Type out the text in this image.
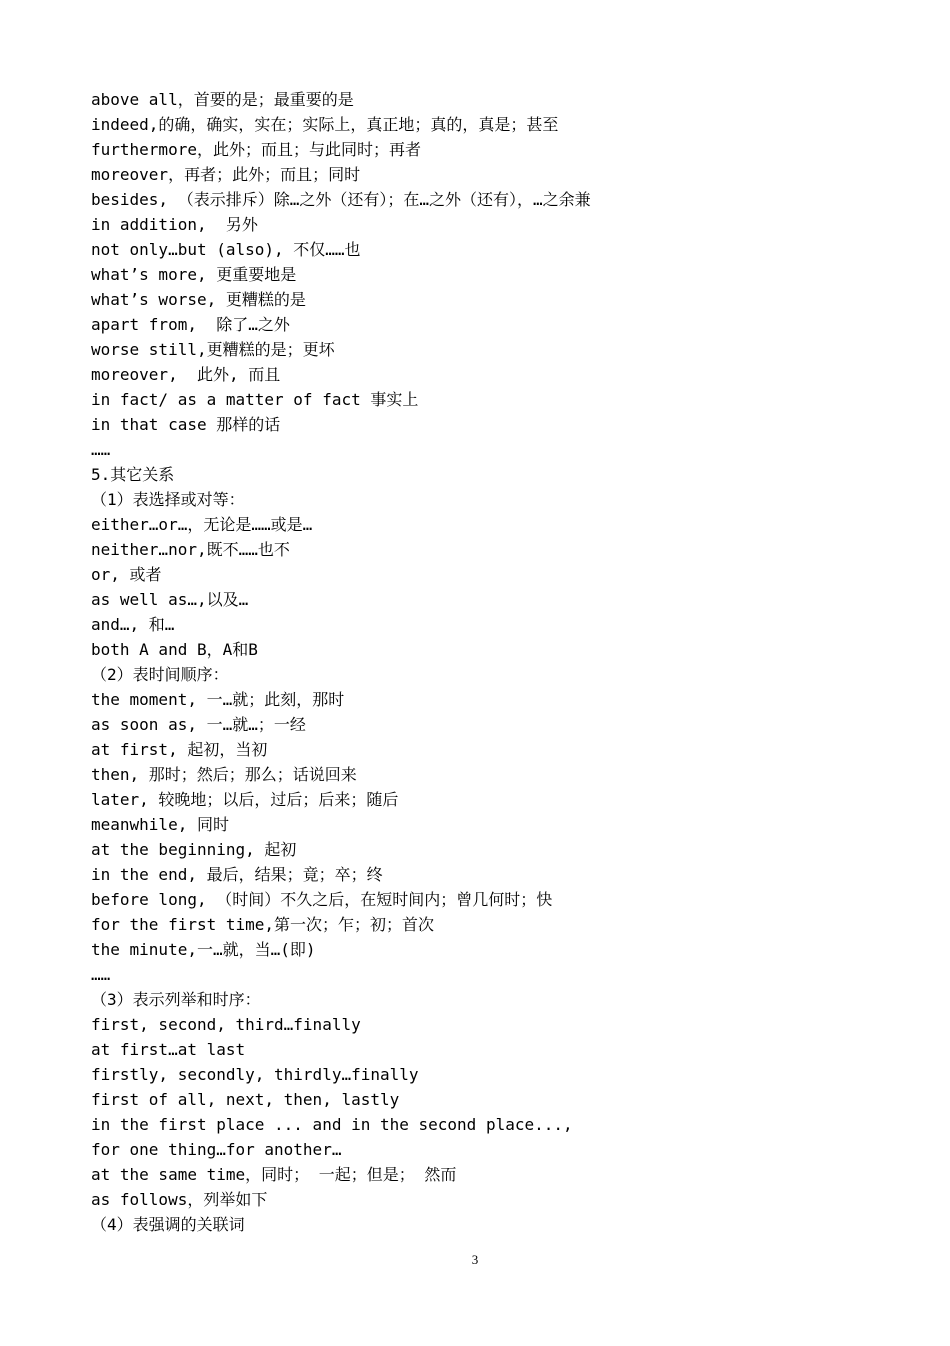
above all，首要的是；最重要的是
indeed,的确，确实，实在；实际上，真正地；真的，真是；甚至
furthermore，此外；而且；与此同时；再者
moreover，再者；此外；而且；同时
besides, （表示排斥）除…之外（还有）；在…之外（还有），…之余兼
in addition,  另外
not only…but (also), 不仅……也
what’s more, 更重要地是
what’s worse, 更糟糕的是
apart from,  除了…之外
worse still,更糟糕的是；更坏
moreover,  此外, 而且
in fact/ as a matter of fact 事实上
in that case 那样的话
……
5.其它关系
（1）表选择或对等：
either…or…，无论是……或是…
neither…nor,既不……也不
or, 或者
as well as…,以及…
and…, 和…
both A and B，A和B
（2）表时间顺序：
the moment, 一…就；此刻，那时
as soon as, 一…就…；一经
at first, 起初，当初
then, 那时；然后；那么；话说回来
later, 较晚地；以后，过后；后来；随后
meanwhile, 同时
at the beginning, 起初
in the end, 最后，结果；竟；卒；终
before long, （时间）不久之后，在短时间内；曾几何时；快
for the first time,第一次；乍；初；首次
the minute,一…就，当…(即)
……
（3）表示列举和时序：
first, second, third…finally
at first…at last
firstly, secondly, thirdly…finally
first of all, next, then, lastly
in the first place ... and in the second place...,
for one thing…for another…
at the same time，同时； 一起；但是； 然而
as follows，列举如下
（4）表强调的关联词
3
